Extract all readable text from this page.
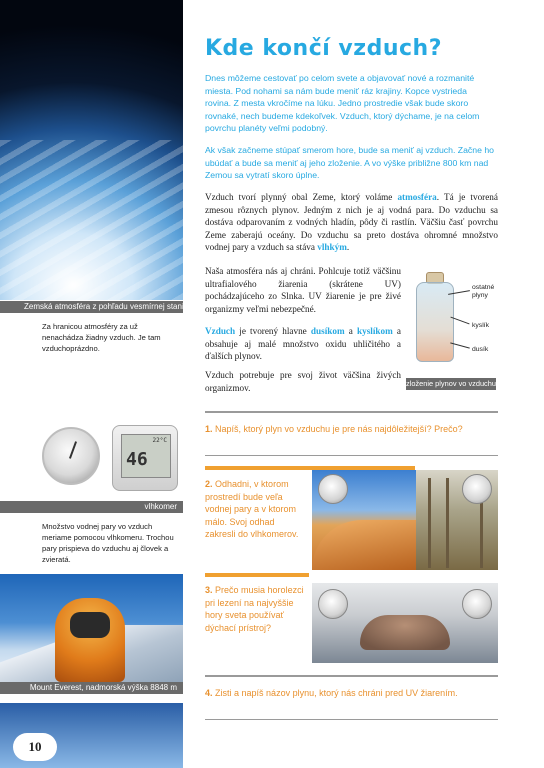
Zemská atmosféra z pohľadu vesmírnej stanice ISS
Za hranicou atmosféry za už nenachádza žiadny vzduch. Je tam vzduchoprázdno.
22°C
46
vlhkomer
Množstvo vodnej pary vo vzduch meriame pomocou vlhkomeru. Trochou pary prispieva do vzduchu aj človek a zvieratá.
Mount Everest, nadmorská výška 8848 m
10
Kde končí vzduch?
Dnes môžeme cestovať po celom svete a objavovať nové a rozmanité miesta. Pod nohami sa nám bude meniť ráz krajiny. Kopce vystrieda rovina. Z mesta vkročíme na lúku. Jedno prostredie však bude skoro rovnaké, nech budeme kdekoľvek. Vzduch, ktorý dýchame, je na celom povrchu planéty veľmi podobný.
Ak však začneme stúpať smerom hore, bude sa meniť aj vzduch. Začne ho ubúdať a bude sa meniť aj jeho zloženie. A vo výške približne 800 km nad Zemou sa vytratí skoro úplne.
Vzduch tvorí plynný obal Zeme, ktorý voláme atmosféra. Tá je tvorená zmesou rôznych plynov. Jedným z nich je aj vodná para. Do vzduchu sa dostáva odparovaním z vodných hladín, pôdy či rastlín. Väčšiu časť povrchu Zeme zaberajú oceány. Do vzduchu sa preto dostáva ohromné množstvo vodnej pary a vzduch sa stáva vlhkým.
Naša atmosféra nás aj chráni. Pohlcuje totiž väčšinu ultrafialového žiarenia (skrátene UV) pochádzajúceho zo Slnka. UV žiarenie je pre živé organizmy veľmi nebezpečné.
Vzduch je tvorený hlavne dusíkom a kyslíkom a obsahuje aj malé množstvo oxidu uhličitého a ďalších plynov.
Vzduch potrebuje pre svoj život väčšina živých organizmov.
ostatné plyny
kyslík
dusík
zloženie plynov vo vzduchu
1. Napíš, ktorý plyn vo vzduchu je pre nás najdôležitejší? Prečo?
2. Odhadni, v ktorom prostredí bude veľa vodnej pary a v ktorom málo. Svoj odhad zakresli do vlhkomerov.
3. Prečo musia horolezci pri lezení na najvyššie hory sveta používať dýchací prístroj?
4. Zisti a napíš názov plynu, ktorý nás chráni pred UV žiarením.
